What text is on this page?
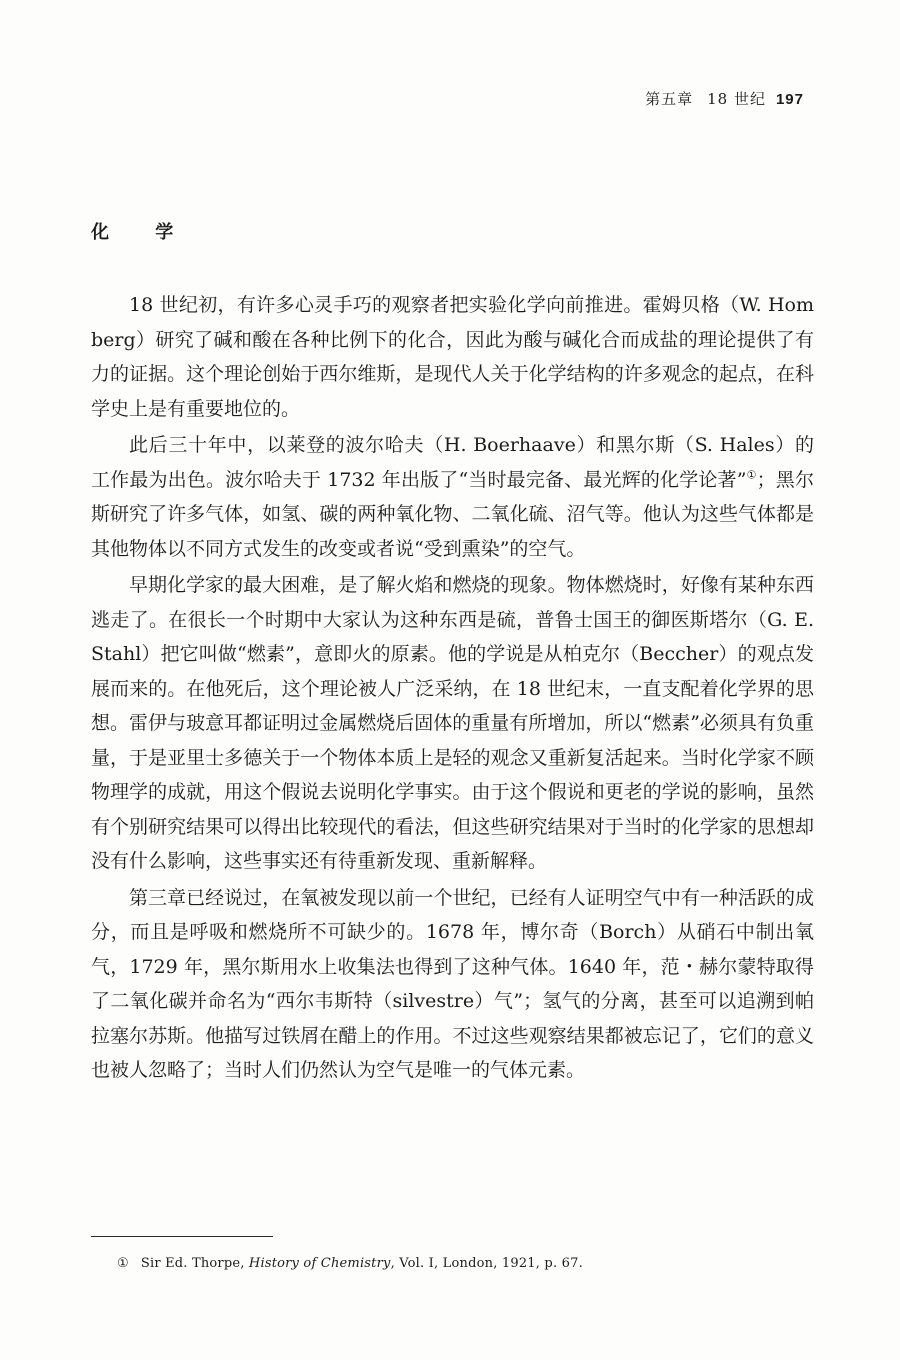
第五章 18 世纪 197
化 学

18 世纪初，有许多心灵手巧的观察者把实验化学向前推进。霍姆贝格（W. Homberg）研究了碱和酸在各种比例下的化合，因此为酸与碱化合而成盐的理论提供了有力的证据。这个理论创始于西尔维斯，是现代人关于化学结构的许多观念的起点，在科学史上是有重要地位的。

此后三十年中，以莱登的波尔哈夫（H. Boerhaave）和黑尔斯（S. Hales）的工作最为出色。波尔哈夫于 1732 年出版了“当时最完备、最光辉的化学论著”①；黑尔斯研究了许多气体，如氢、碳的两种氧化物、二氧化硫、沼气等。他认为这些气体都是其他物体以不同方式发生的改变或者说“受到熏染”的空气。

早期化学家的最大困难，是了解火焰和燃烧的现象。物体燃烧时，好像有某种东西逃走了。在很长一个时期中大家认为这种东西是硫，普鲁士国王的御医斯塔尔（G. E. Stahl）把它叫做“燃素”，意即火的原素。他的学说是从柏克尔（Beccher）的观点发展而来的。在他死后，这个理论被人广泛采纳，在 18 世纪末，一直支配着化学界的思想。雷伊与玻意耳都证明过金属燃烧后固体的重量有所增加，所以“燃素”必须具有负重量，于是亚里士多德关于一个物体本质上是轻的观念又重新复活起来。当时化学家不顾物理学的成就，用这个假说去说明化学事实。由于这个假说和更老的学说的影响，虽然有个别研究结果可以得出比较现代的看法，但这些研究结果对于当时的化学家的思想却没有什么影响，这些事实还有待重新发现、重新解释。

第三章已经说过，在氧被发现以前一个世纪，已经有人证明空气中有一种活跃的成分，而且是呼吸和燃烧所不可缺少的。1678 年，博尔奇（Borch）从硝石中制出氧气，1729 年，黑尔斯用水上收集法也得到了这种气体。1640 年，范・赫尔蒙特取得了二氧化碳并命名为“西尔韦斯特（silvestre）气”；氢气的分离，甚至可以追溯到帕拉塞尔苏斯。他描写过铁屑在醋上的作用。不过这些观察结果都被忘记了，它们的意义也被人忽略了；当时人们仍然认为空气是唯一的气体元素。

① Sir Ed. Thorpe, History of Chemistry, Vol. Ⅰ, London, 1921, p. 67.
